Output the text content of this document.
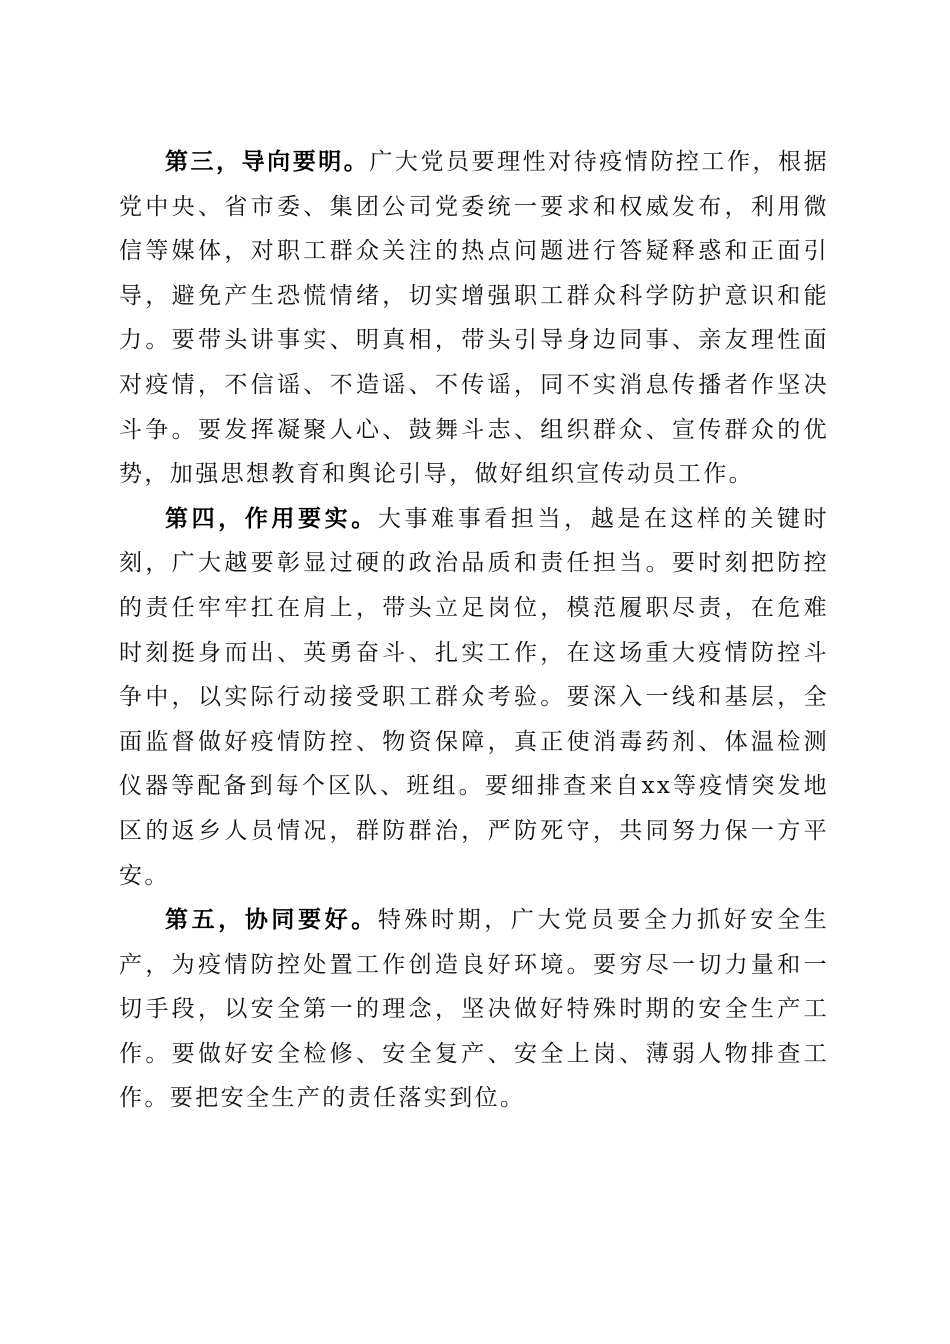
第三，导向要明。广大党员要理性对待疫情防控工作，根据党中央、省市委、集团公司党委统一要求和权威发布，利用微信等媒体，对职工群众关注的热点问题进行答疑释惑和正面引导，避免产生恐慌情绪，切实增强职工群众科学防护意识和能力。要带头讲事实、明真相，带头引导身边同事、亲友理性面对疫情，不信谣、不造谣、不传谣，同不实消息传播者作坚决斗争。要发挥凝聚人心、鼓舞斗志、组织群众、宣传群众的优势，加强思想教育和舆论引导，做好组织宣传动员工作。

第四，作用要实。大事难事看担当，越是在这样的关键时刻，广大越要彰显过硬的政治品质和责任担当。要时刻把防控的责任牢牢扛在肩上，带头立足岗位，模范履职尽责，在危难时刻挺身而出、英勇奋斗、扎实工作，在这场重大疫情防控斗争中，以实际行动接受职工群众考验。要深入一线和基层，全面监督做好疫情防控、物资保障，真正使消毒药剂、体温检测仪器等配备到每个区队、班组。要细排查来自xx等疫情突发地区的返乡人员情况，群防群治，严防死守，共同努力保一方平安。

第五，协同要好。特殊时期，广大党员要全力抓好安全生产，为疫情防控处置工作创造良好环境。要穷尽一切力量和一切手段，以安全第一的理念，坚决做好特殊时期的安全生产工作。要做好安全检修、安全复产、安全上岗、薄弱人物排查工作。要把安全生产的责任落实到位。
